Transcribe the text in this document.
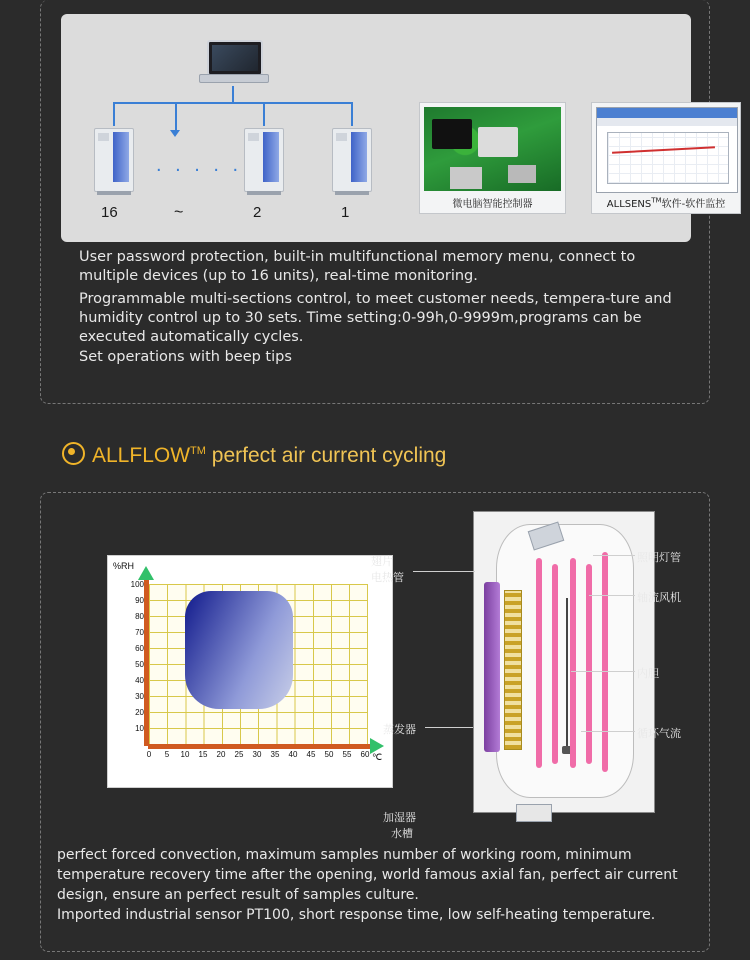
. . . . .
16	~	2	1	微电脑智能控制器	ALLSENS™软件-软件监控
User password protection, built-in multifunctional memory menu, connect to multiple devices (up to 16 units), real-time monitoring.
Programmable multi-sections control, to meet customer needs, tempera-ture and humidity control up to 30 sets. Time setting:0-99h,0-9999m,programs can be executed automatically cycles.
Set operations with beep tips
ALLFLOW™ perfect air current cycling
%RH
100
90
80
70
60
50
40
30
20
10
0	5	10	15	20	25	30	35	40	45	50	55	60 ℃
翅片
电热管
蒸发器
加湿器
水槽
照明灯管
轴流风机
内胆
循环气流
perfect forced convection, maximum samples number of working room, minimum temperature recovery time after the opening, world famous axial fan, perfect air current design, ensure an perfect result of samples culture.
Imported industrial sensor PT100, short response time, low self-heating temperature.
